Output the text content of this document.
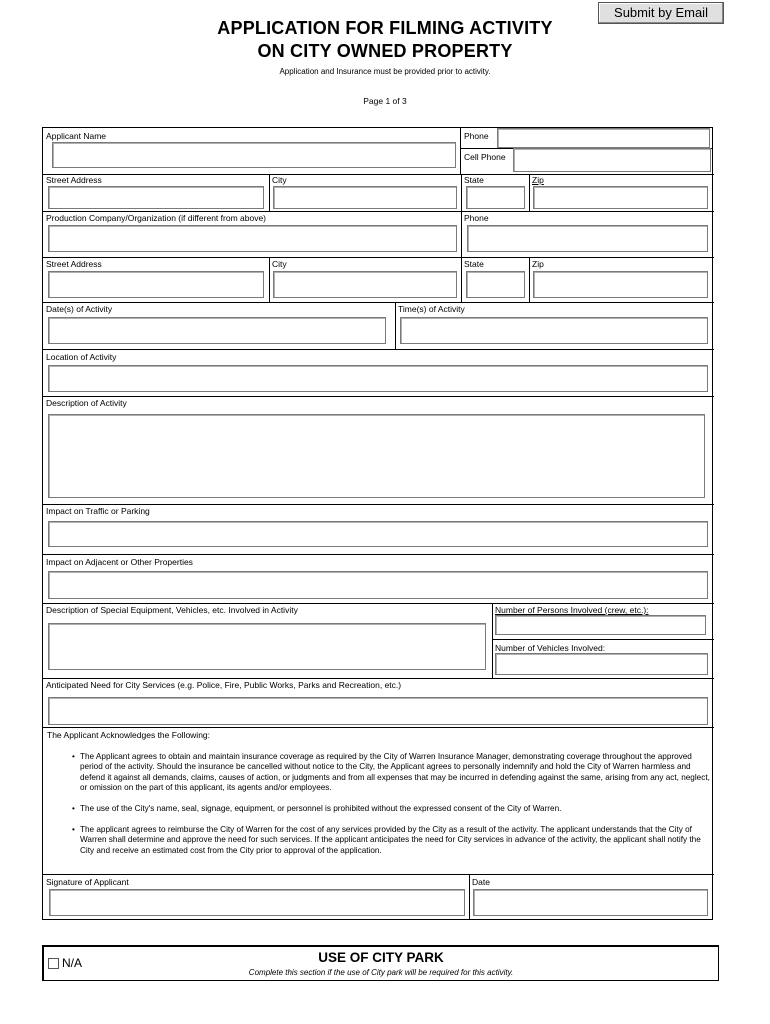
Submit by Email
APPLICATION FOR FILMING ACTIVITY
ON CITY OWNED PROPERTY
Application and Insurance must be provided prior to activity.
Page 1 of 3
Applicant Name	Phone
Cell Phone
Street Address	City	State	Zip
Production Company/Organization (if different from above)	Phone
Street Address	City	State	Zip
Date(s) of Activity	Time(s) of Activity
Location of Activity
Description of Activity
Impact on Traffic or Parking
Impact on Adjacent or Other Properties
Description of Special Equipment, Vehicles, etc. Involved in Activity	Number of Persons Involved (crew, etc.):
Number of Vehicles Involved:
Anticipated Need for City Services (e.g. Police, Fire, Public Works, Parks and Recreation, etc.)
The Applicant Acknowledges the Following:
• The Applicant agrees to obtain and maintain insurance coverage as required by the City of Warren Insurance Manager, demonstrating coverage throughout the approved period of the activity. Should the insurance be cancelled without notice to the City, the Applicant agrees to personally indemnify and hold the City of Warren harmless and defend it against all demands, claims, causes of action, or judgments and from all expenses that may be incurred in defending against the same, arising from any act, neglect, or omission on the part of this applicant, its agents and/or employees.
• The use of the City's name, seal, signage, equipment, or personnel is prohibited without the expressed consent of the City of Warren.
• The applicant agrees to reimburse the City of Warren for the cost of any services provided by the City as a result of the activity. The applicant understands that the City of Warren shall determine and approve the need for such services. If the applicant anticipates the need for City services in advance of the activity, the applicant shall notify the City and receive an estimated cost from the City prior to approval of the application.
Signature of Applicant	Date
N/A	USE OF CITY PARK
Complete this section if the use of City park will be required for this activity.
